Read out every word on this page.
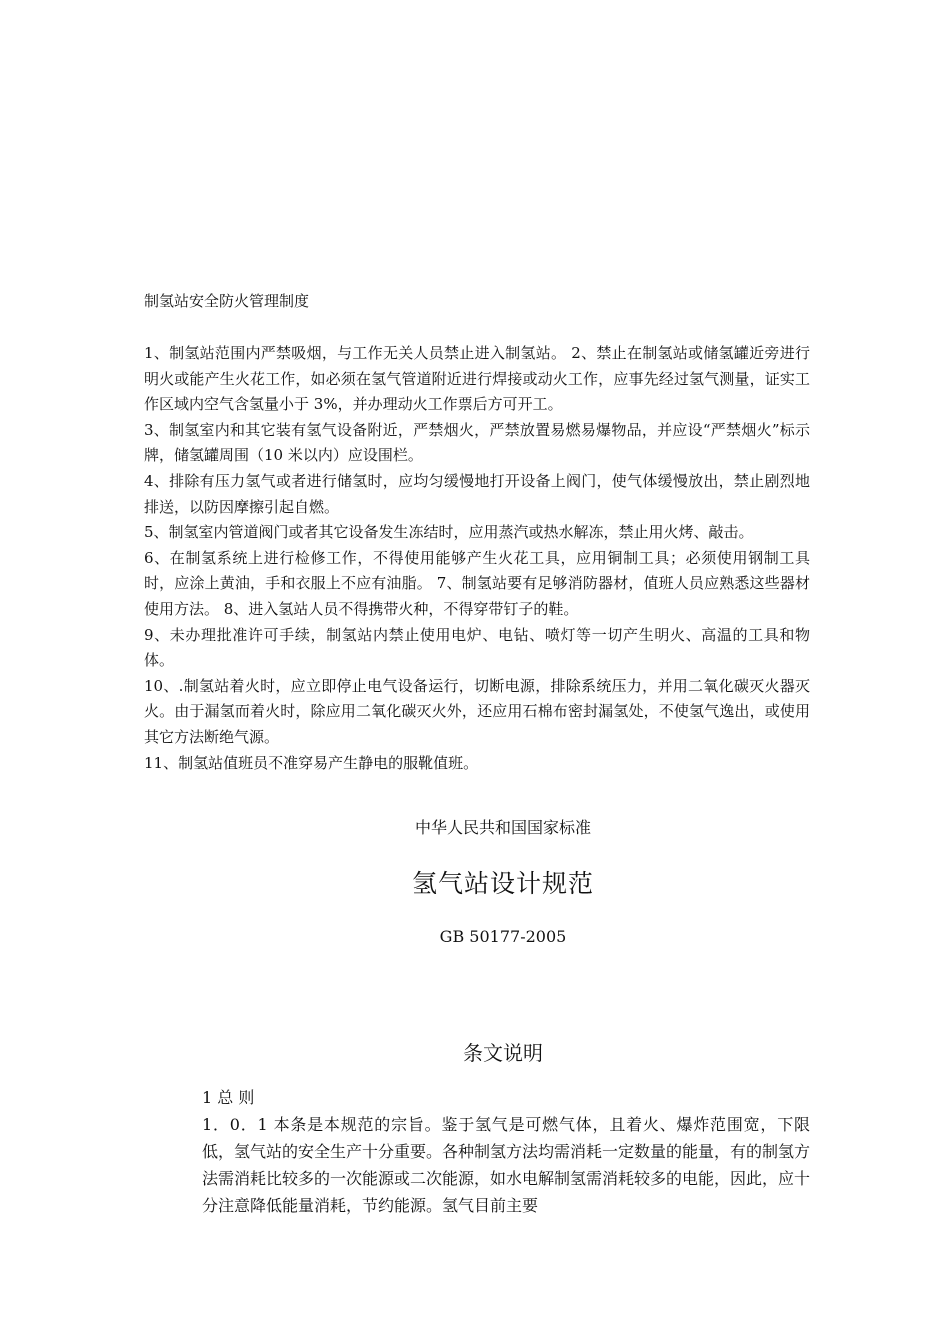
制氢站安全防火管理制度

1、制氢站范围内严禁吸烟，与工作无关人员禁止进入制氢站。 2、禁止在制氢站或储氢罐近旁进行明火或能产生火花工作，如必须在氢气管道附近进行焊接或动火工作，应事先经过氢气测量，证实工作区域内空气含氢量小于 3%，并办理动火工作票后方可开工。

3、制氢室内和其它装有氢气设备附近，严禁烟火，严禁放置易燃易爆物品，并应设“严禁烟火”标示牌，储氢罐周围（10 米以内）应设围栏。

4、排除有压力氢气或者进行储氢时，应均匀缓慢地打开设备上阀门，使气体缓慢放出，禁止剧烈地排送，以防因摩擦引起自燃。

5、制氢室内管道阀门或者其它设备发生冻结时，应用蒸汽或热水解冻，禁止用火烤、敲击。

6、在制氢系统上进行检修工作，不得使用能够产生火花工具，应用铜制工具；必须使用钢制工具时，应涂上黄油，手和衣服上不应有油脂。 7、制氢站要有足够消防器材，值班人员应熟悉这些器材使用方法。 8、进入氢站人员不得携带火种，不得穿带钉子的鞋。

9、未办理批准许可手续，制氢站内禁止使用电炉、电钻、喷灯等一切产生明火、高温的工具和物体。

10、.制氢站着火时，应立即停止电气设备运行，切断电源，排除系统压力，并用二氧化碳灭火器灭火。由于漏氢而着火时，除应用二氧化碳灭火外，还应用石棉布密封漏氢处，不使氢气逸出，或使用其它方法断绝气源。

11、制氢站值班员不准穿易产生静电的服靴值班。

中华人民共和国国家标准
氢气站设计规范
GB 50177-2005
条文说明

1 总 则

1．0．1 本条是本规范的宗旨。鉴于氢气是可燃气体，且着火、爆炸范围宽，下限低，氢气站的安全生产十分重要。各种制氢方法均需消耗一定数量的能量，有的制氢方法需消耗比较多的一次能源或二次能源，如水电解制氢需消耗较多的电能，因此，应十分注意降低能量消耗，节约能源。氢气目前主要
